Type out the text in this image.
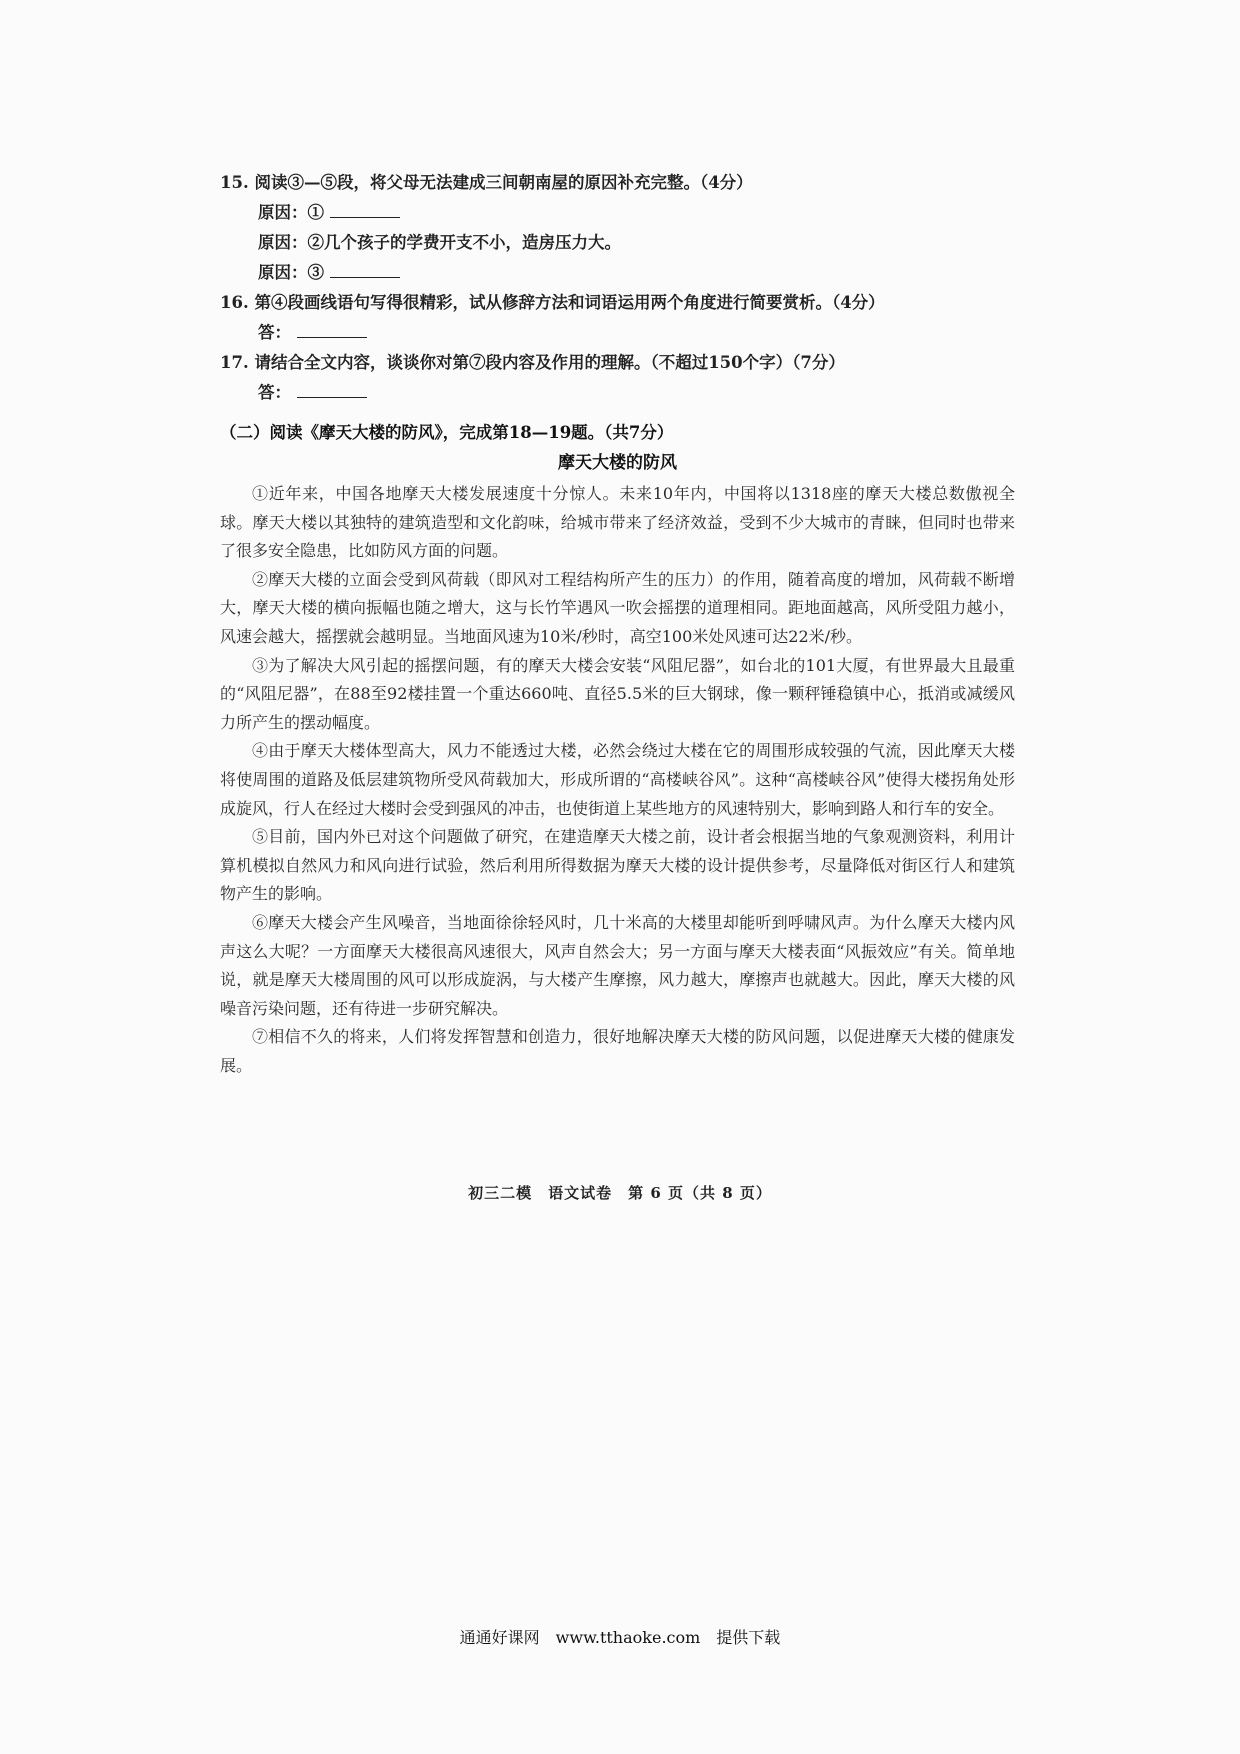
15. 阅读③—⑤段，将父母无法建成三间朝南屋的原因补充完整。（4分）
原因：①
原因：②几个孩子的学费开支不小，造房压力大。
原因：③
16. 第④段画线语句写得很精彩，试从修辞方法和词语运用两个角度进行简要赏析。（4分）
答：
17. 请结合全文内容，谈谈你对第⑦段内容及作用的理解。（不超过150个字）（7分）
答：
（二）阅读《摩天大楼的防风》，完成第18—19题。（共7分）
摩天大楼的防风

①近年来，中国各地摩天大楼发展速度十分惊人。未来10年内，中国将以1318座的摩天大楼总数傲视全球。摩天大楼以其独特的建筑造型和文化韵味，给城市带来了经济效益，受到不少大城市的青睐，但同时也带来了很多安全隐患，比如防风方面的问题。

②摩天大楼的立面会受到风荷载（即风对工程结构所产生的压力）的作用，随着高度的增加，风荷载不断增大，摩天大楼的横向振幅也随之增大，这与长竹竿遇风一吹会摇摆的道理相同。距地面越高，风所受阻力越小，风速会越大，摇摆就会越明显。当地面风速为10米/秒时，高空100米处风速可达22米/秒。

③为了解决大风引起的摇摆问题，有的摩天大楼会安装“风阻尼器”，如台北的101大厦，有世界最大且最重的“风阻尼器”，在88至92楼挂置一个重达660吨、直径5.5米的巨大钢球，像一颗秤锤稳镇中心，抵消或减缓风力所产生的摆动幅度。

④由于摩天大楼体型高大，风力不能透过大楼，必然会绕过大楼在它的周围形成较强的气流，因此摩天大楼将使周围的道路及低层建筑物所受风荷载加大，形成所谓的“高楼峡谷风”。这种“高楼峡谷风”使得大楼拐角处形成旋风，行人在经过大楼时会受到强风的冲击，也使街道上某些地方的风速特别大，影响到路人和行车的安全。

⑤目前，国内外已对这个问题做了研究，在建造摩天大楼之前，设计者会根据当地的气象观测资料，利用计算机模拟自然风力和风向进行试验，然后利用所得数据为摩天大楼的设计提供参考，尽量降低对街区行人和建筑物产生的影响。

⑥摩天大楼会产生风噪音，当地面徐徐轻风时，几十米高的大楼里却能听到呼啸风声。为什么摩天大楼内风声这么大呢？一方面摩天大楼很高风速很大，风声自然会大；另一方面与摩天大楼表面“风振效应”有关。简单地说，就是摩天大楼周围的风可以形成旋涡，与大楼产生摩擦，风力越大，摩擦声也就越大。因此，摩天大楼的风噪音污染问题，还有待进一步研究解决。

⑦相信不久的将来，人们将发挥智慧和创造力，很好地解决摩天大楼的防风问题，以促进摩天大楼的健康发展。

初三二模　语文试卷　第 6 页（共 8 页）
通通好课网　www.tthaoke.com　提供下载
